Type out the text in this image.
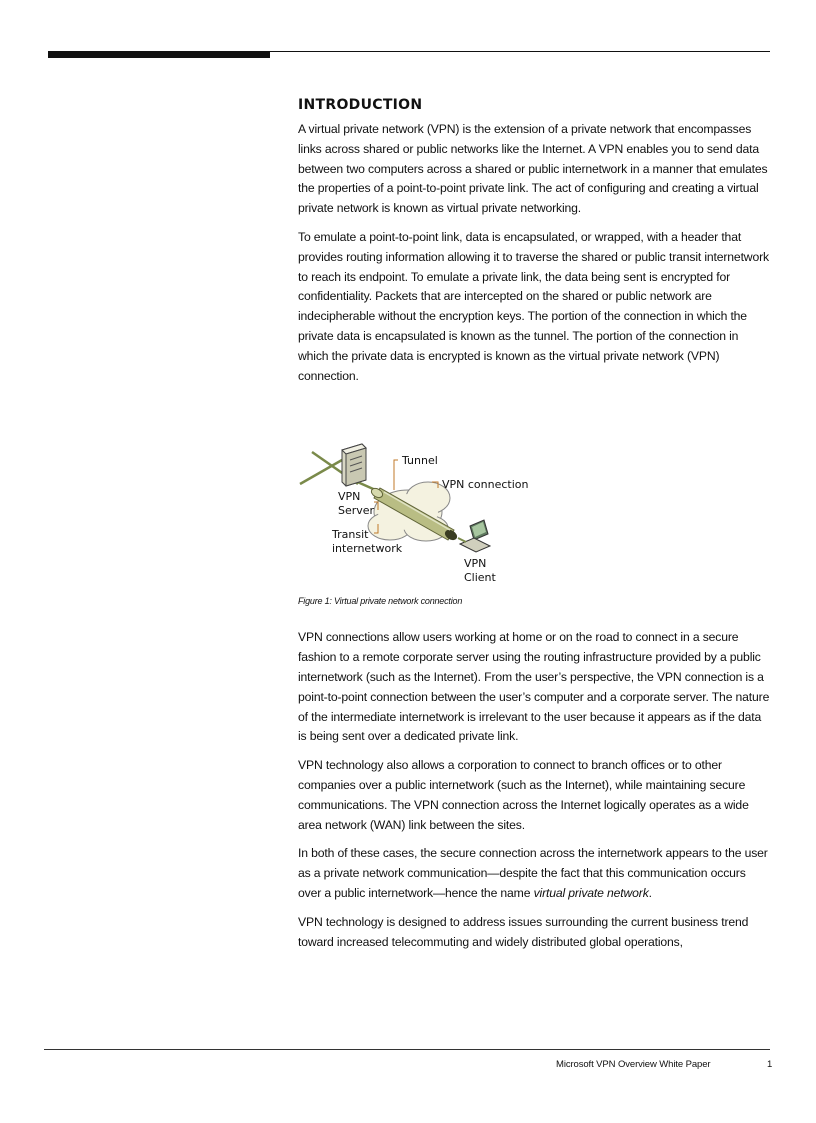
INTRODUCTION

A virtual private network (VPN) is the extension of a private network that encompasses links across shared or public networks like the Internet. A VPN enables you to send data between two computers across a shared or public internetwork in a manner that emulates the properties of a point-to-point private link. The act of configuring and creating a virtual private network is known as virtual private networking.

To emulate a point-to-point link, data is encapsulated, or wrapped, with a header that provides routing information allowing it to traverse the shared or public transit internetwork to reach its endpoint. To emulate a private link, the data being sent is encrypted for confidentiality. Packets that are intercepted on the shared or public network are indecipherable without the encryption keys. The portion of the connection in which the private data is encapsulated is known as the tunnel. The portion of the connection in which the private data is encrypted is known as the virtual private network (VPN) connection.

Tunnel
VPN connection
VPN
Server
Transit
internetwork
VPN
Client
Figure 1: Virtual private network connection

VPN connections allow users working at home or on the road to connect in a secure fashion to a remote corporate server using the routing infrastructure provided by a public internetwork (such as the Internet). From the user’s perspective, the VPN connection is a point-to-point connection between the user’s computer and a corporate server. The nature of the intermediate internetwork is irrelevant to the user because it appears as if the data is being sent over a dedicated private link.

VPN technology also allows a corporation to connect to branch offices or to other companies over a public internetwork (such as the Internet), while maintaining secure communications. The VPN connection across the Internet logically operates as a wide area network (WAN) link between the sites.

In both of these cases, the secure connection across the internetwork appears to the user as a private network communication—despite the fact that this communication occurs over a public internetwork—hence the name virtual private network.

VPN technology is designed to address issues surrounding the current business trend toward increased telecommuting and widely distributed global operations,

Microsoft VPN Overview White Paper	1
